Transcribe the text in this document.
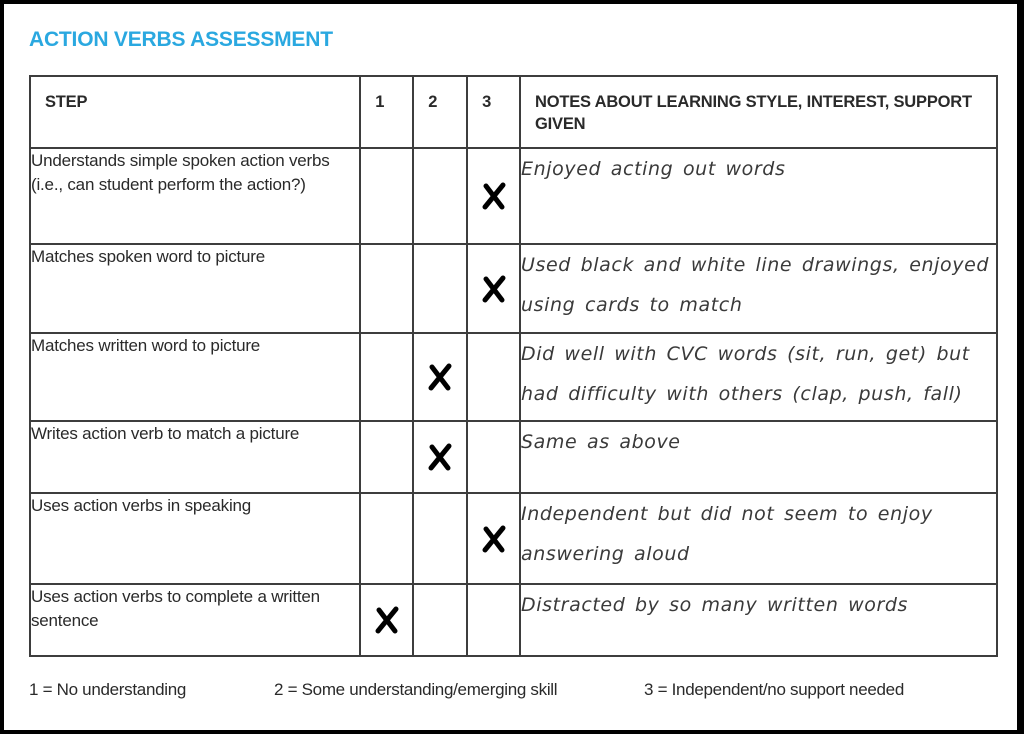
ACTION VERBS ASSESSMENT
STEP	1	2	3	NOTES ABOUT LEARNING STYLE, INTEREST, SUPPORT GIVEN
Understands simple spoken action verbs (i.e., can student perform the action?)				Enjoyed acting out words
Matches spoken word to picture				Used black and white line drawings, enjoyed using cards to match
Matches written word to picture				Did well with CVC words (sit, run, get) but had difficulty with others (clap, push, fall)
Writes action verb to match a picture				Same as above
Uses action verbs in speaking				Independent but did not seem to enjoy answering aloud
Uses action verbs to complete a written sentence				Distracted by so many written words
1 = No understanding	2 = Some understanding/emerging skill	3 = Independent/no support needed
